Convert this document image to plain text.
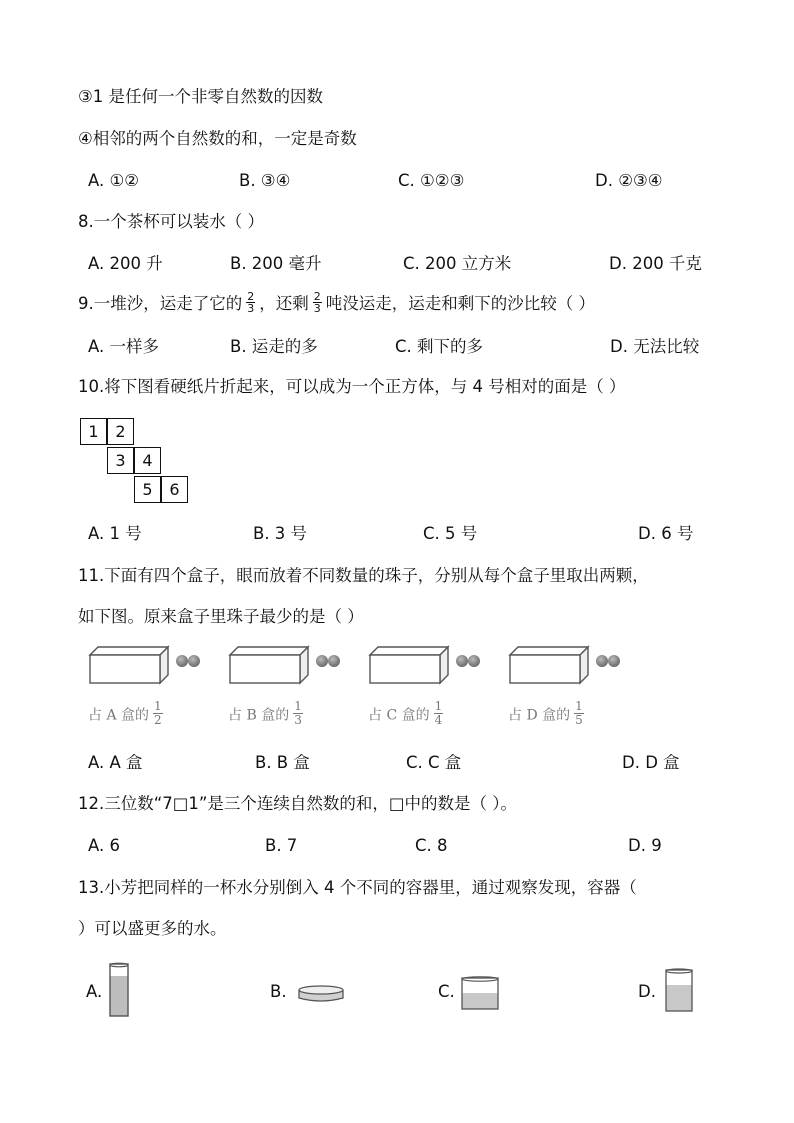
③1 是任何一个非零自然数的因数
④相邻的两个自然数的和，一定是奇数
A. ①②	B. ③④	C. ①②③	D. ②③④
8.一个茶杯可以装水（ ）
A. 200 升	B. 200 毫升	C. 200 立方米	D. 200 千克
9.一堆沙，运走了它的 $\frac{2}{3}$ ，还剩 $\frac{2}{3}$ 吨没运走，运走和剩下的沙比较（ ）
A. 一样多	B. 运走的多	C. 剩下的多	D. 无法比较
10.将下图看硬纸片折起来，可以成为一个正方体，与 4 号相对的面是（ ）
1	2
3	4
5	6
A. 1 号	B. 3 号	C. 5 号	D. 6 号
11.下面有四个盒子，眼而放着不同数量的珠子，分别从每个盒子里取出两颗，
如下图。原来盒子里珠子最少的是（ ）
占 A 盒的 $\frac{1}{2}$	占 B 盒的 $\frac{1}{3}$	占 C 盒的 $\frac{1}{4}$	占 D 盒的 $\frac{1}{5}$
A. A 盒	B. B 盒	C. C 盒	D. D 盒
12.三位数“7□1”是三个连续自然数的和，□中的数是（ ）。
A. 6	B. 7	C. 8	D. 9
13.小芳把同样的一杯水分别倒入 4 个不同的容器里，通过观察发现，容器（
）可以盛更多的水。
A.	B.	C.	D.
